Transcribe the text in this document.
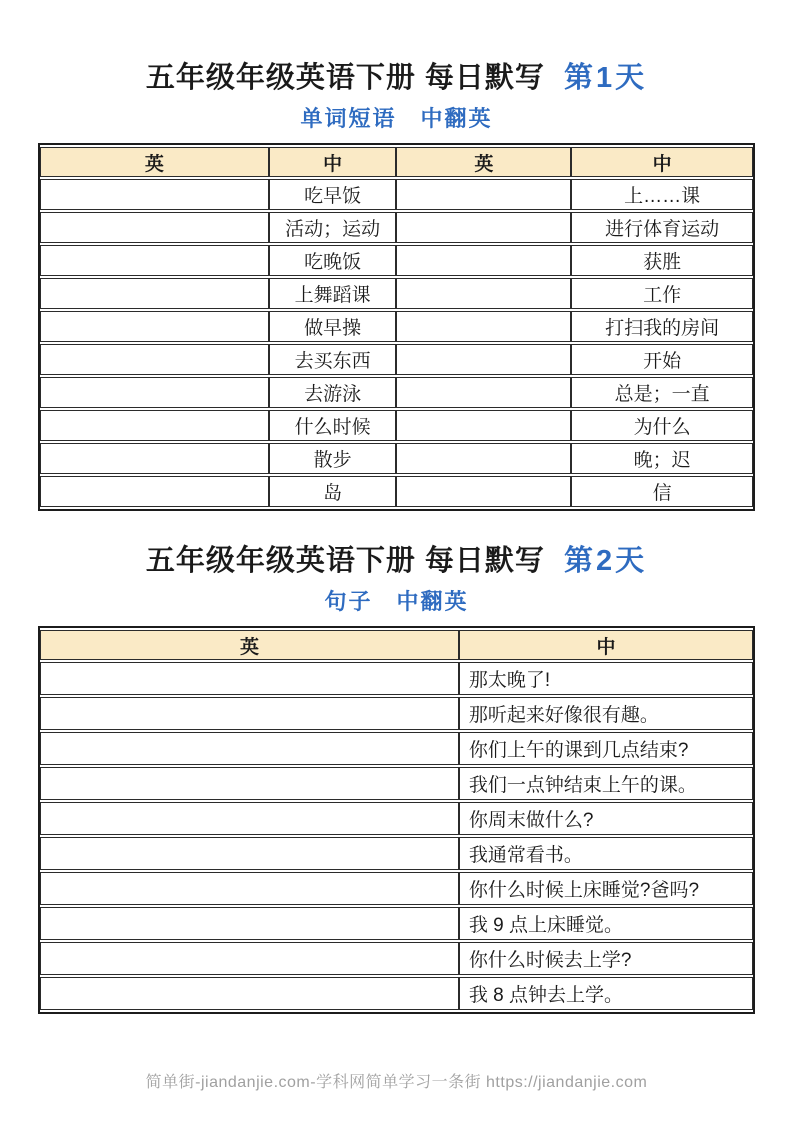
五年级年级英语下册 每日默写 第1天
单词短语　中翻英
英	中	英	中
	吃早饭		上……课
	活动；运动		进行体育运动
	吃晚饭		获胜
	上舞蹈课		工作
	做早操		打扫我的房间
	去买东西		开始
	去游泳		总是；一直
	什么时候		为什么
	散步		晚；迟
	岛		信
五年级年级英语下册 每日默写 第2天
句子　中翻英
英	中
	那太晚了!
	那听起来好像很有趣。
	你们上午的课到几点结束?
	我们一点钟结束上午的课。
	你周末做什么?
	我通常看书。
	你什么时候上床睡觉?爸吗?
	我 9 点上床睡觉。
	你什么时候去上学?
	我 8 点钟去上学。
简单街-jiandanjie.com-学科网简单学习一条街 https://jiandanjie.com
